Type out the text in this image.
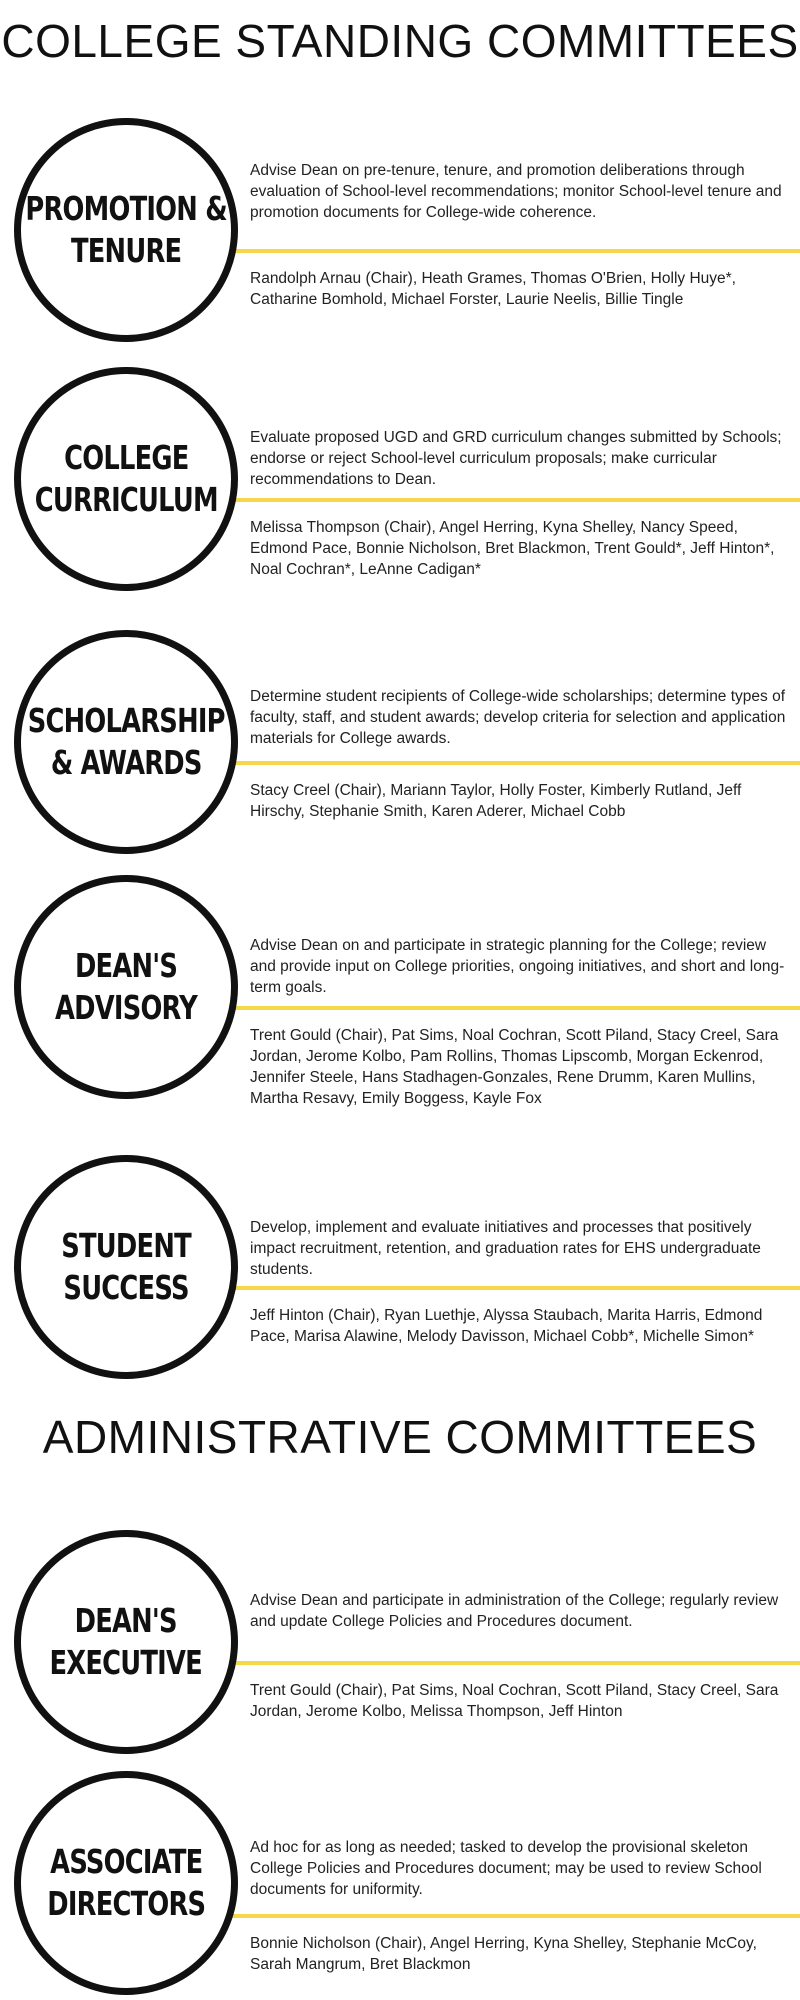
COLLEGE STANDING COMMITTEES
PROMOTION &
TENURE
Advise Dean on pre-tenure, tenure, and promotion deliberations through evaluation of School-level recommendations; monitor School-level tenure and promotion documents for College-wide coherence.
Randolph Arnau (Chair), Heath Grames, Thomas O'Brien, Holly Huye*, Catharine Bomhold, Michael Forster, Laurie Neelis, Billie Tingle
COLLEGE
CURRICULUM
Evaluate proposed UGD and GRD curriculum changes submitted by Schools; endorse or reject School-level curriculum proposals; make curricular recommendations to Dean.
Melissa Thompson (Chair), Angel Herring, Kyna Shelley, Nancy Speed, Edmond Pace, Bonnie Nicholson, Bret Blackmon, Trent Gould*, Jeff Hinton*, Noal Cochran*, LeAnne Cadigan*
SCHOLARSHIP
& AWARDS
Determine student recipients of College-wide scholarships; determine types of faculty, staff, and student awards; develop criteria for selection and application materials for College awards.
Stacy Creel (Chair), Mariann Taylor, Holly Foster, Kimberly Rutland, Jeff Hirschy, Stephanie Smith, Karen Aderer, Michael Cobb
DEAN'S
ADVISORY
Advise Dean on and participate in strategic planning for the College; review and provide input on College priorities, ongoing initiatives, and short and long-term goals.
Trent Gould (Chair), Pat Sims, Noal Cochran, Scott Piland, Stacy Creel, Sara Jordan, Jerome Kolbo, Pam Rollins, Thomas Lipscomb, Morgan Eckenrod, Jennifer Steele, Hans Stadhagen-Gonzales, Rene Drumm, Karen Mullins, Martha Resavy, Emily Boggess, Kayle Fox
STUDENT
SUCCESS
Develop, implement and evaluate initiatives and processes that positively impact recruitment, retention, and graduation rates for EHS undergraduate students.
Jeff Hinton (Chair), Ryan Luethje, Alyssa Staubach, Marita Harris, Edmond Pace, Marisa Alawine, Melody Davisson, Michael Cobb*, Michelle Simon*
ADMINISTRATIVE COMMITTEES
DEAN'S
EXECUTIVE
Advise Dean and participate in administration of the College; regularly review and update College Policies and Procedures document.
Trent Gould (Chair), Pat Sims, Noal Cochran, Scott Piland, Stacy Creel, Sara Jordan, Jerome Kolbo, Melissa Thompson, Jeff Hinton
ASSOCIATE
DIRECTORS
Ad hoc for as long as needed; tasked to develop the provisional skeleton College Policies and Procedures document; may be used to review School documents for uniformity.
Bonnie Nicholson (Chair), Angel Herring, Kyna Shelley, Stephanie McCoy, Sarah Mangrum, Bret Blackmon
